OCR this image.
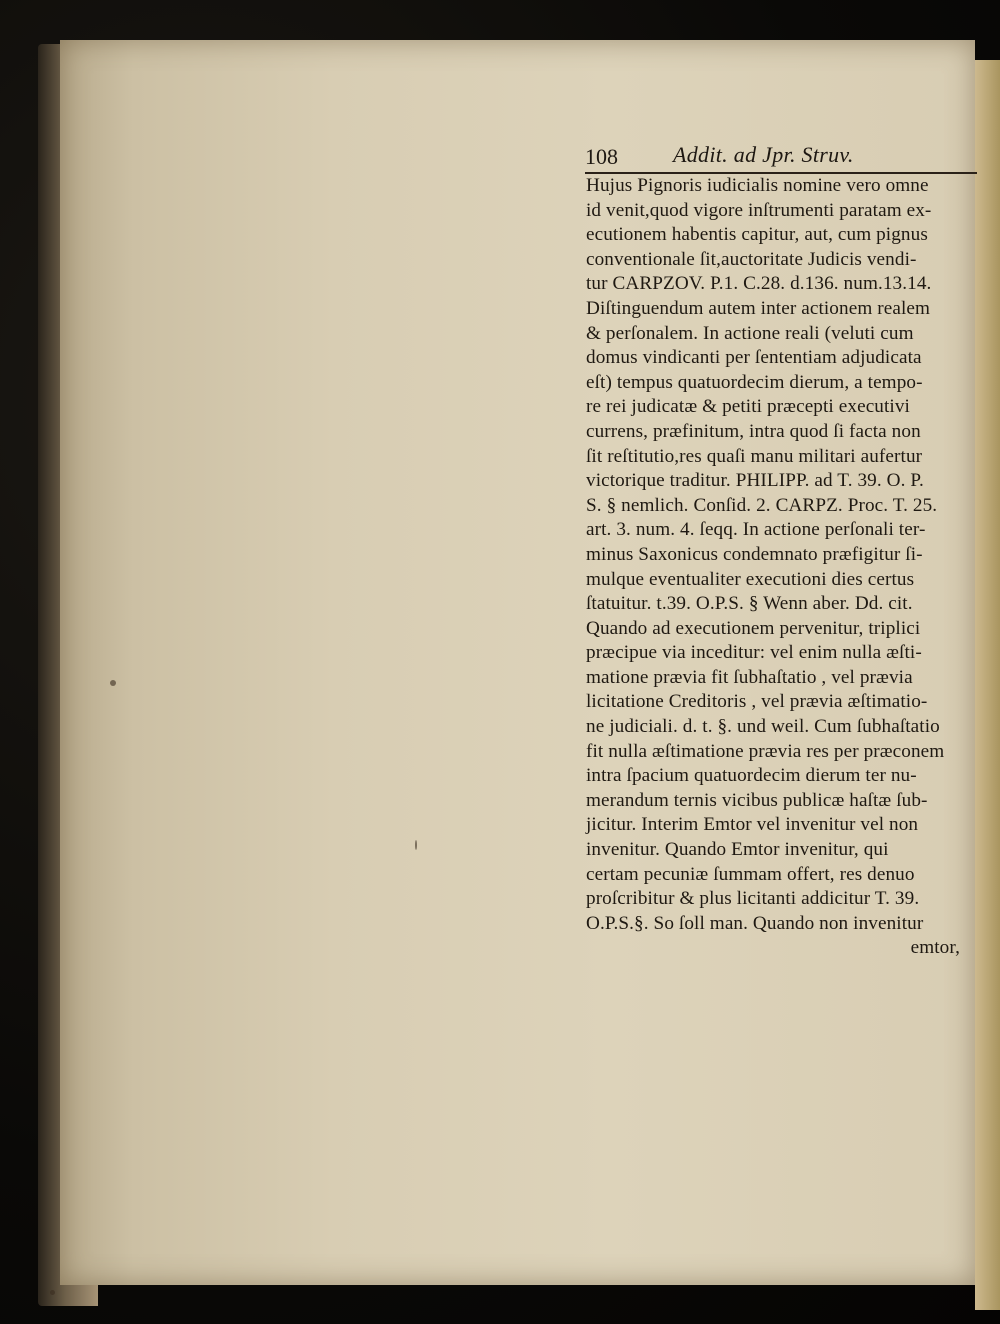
108	Addit. ad Jpr. Struv.
Hujus Pignoris iudicialis nomine vero omne
id venit,quod vigore inſtrumenti paratam ex-
ecutionem habentis capitur, aut, cum pignus
conventionale ſit,auctoritate Judicis vendi-
tur CARPZOV. P.1. C.28. d.136. num.13.14.
Diſtinguendum autem inter actionem realem
& perſonalem. In actione reali (veluti cum
domus vindicanti per ſententiam adjudicata
eſt) tempus quatuordecim dierum, a tempo-
re rei judicatæ & petiti præcepti executivi
currens, præfinitum, intra quod ſi facta non
ſit reſtitutio,res quaſi manu militari aufertur
victorique traditur. PHILIPP. ad T. 39. O. P.
S. § nemlich. Conſid. 2. CARPZ. Proc. T. 25.
art. 3. num. 4. ſeqq. In actione perſonali ter-
minus Saxonicus condemnato præfigitur ſi-
mulque eventualiter executioni dies certus
ſtatuitur. t.39. O.P.S. § Wenn aber. Dd. cit.
Quando ad executionem pervenitur, triplici
præcipue via inceditur: vel enim nulla æſti-
matione prævia fit ſubhaſtatio , vel prævia
licitatione Creditoris , vel prævia æſtimatio-
ne judiciali. d. t. §. und weil. Cum ſubhaſtatio
fit nulla æſtimatione prævia res per præconem
intra ſpacium quatuordecim dierum ter nu-
merandum ternis vicibus publicæ haſtæ ſub-
jicitur. Interim Emtor vel invenitur vel non
invenitur. Quando Emtor invenitur, qui
certam pecuniæ ſummam offert, res denuo
proſcribitur & plus licitanti addicitur T. 39.
O.P.S.§. So ſoll man. Quando non invenitur
emtor,
